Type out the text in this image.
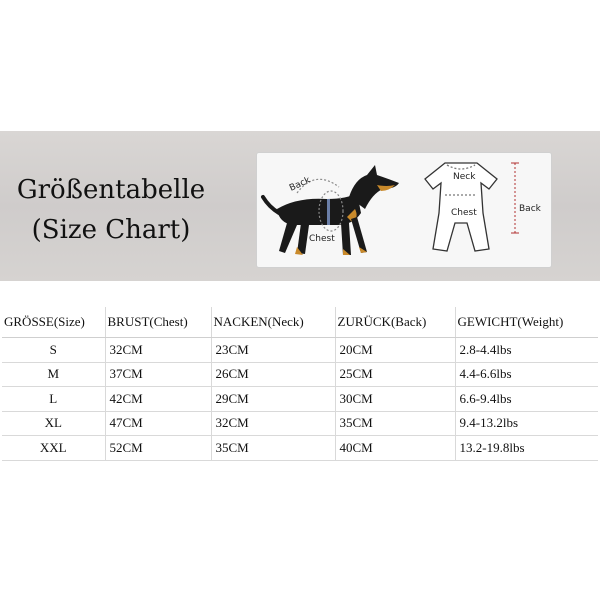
Größentabelle
(Size Chart)
Back
Chest
Neck
Chest	Back
GRÖSSE(Size)	BRUST(Chest)	NACKEN(Neck)	ZURÜCK(Back)	GEWICHT(Weight)
S	32CM	23CM	20CM	2.8-4.4lbs
M	37CM	26CM	25CM	4.4-6.6lbs
L	42CM	29CM	30CM	6.6-9.4lbs
XL	47CM	32CM	35CM	9.4-13.2lbs
XXL	52CM	35CM	40CM	13.2-19.8lbs
